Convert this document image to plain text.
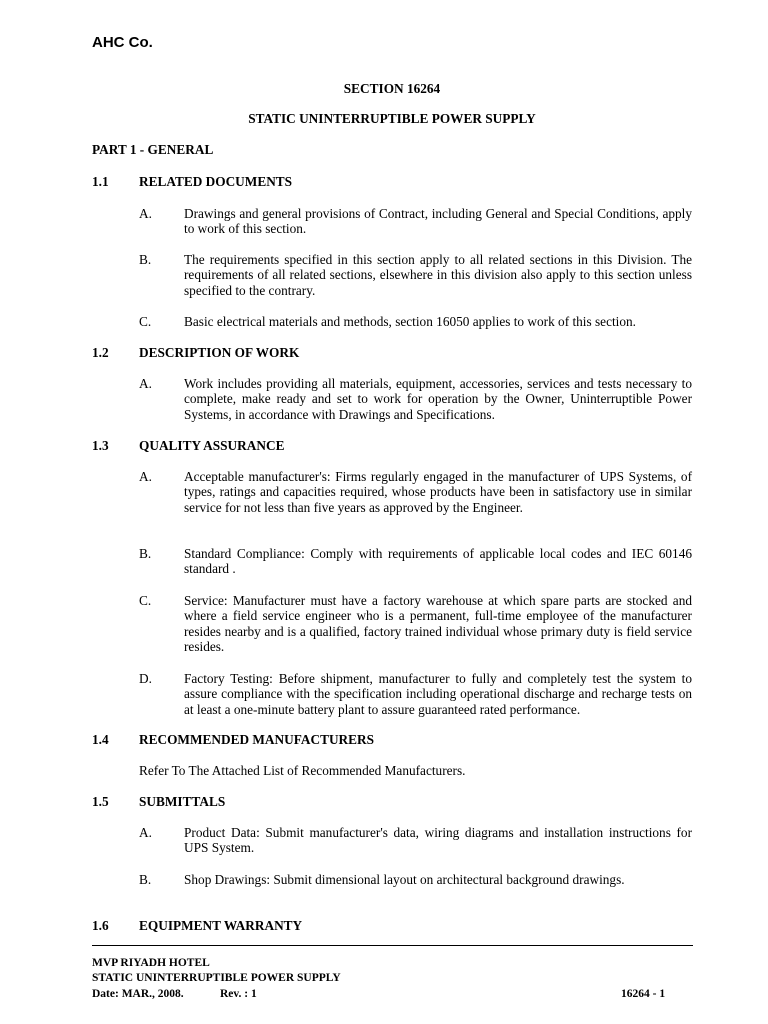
AHC Co.
SECTION 16264
STATIC UNINTERRUPTIBLE POWER SUPPLY
PART 1 - GENERAL
1.1 RELATED DOCUMENTS
A. Drawings and general provisions of Contract, including General and Special Conditions, apply to work of this section.
B. The requirements specified in this section apply to all related sections in this Division. The requirements of all related sections, elsewhere in this division also apply to this section unless specified to the contrary.
C. Basic electrical materials and methods, section 16050 applies to work of this section.
1.2 DESCRIPTION OF WORK
A. Work includes providing all materials, equipment, accessories, services and tests necessary to complete, make ready and set to work for operation by the Owner, Uninterruptible Power Systems, in accordance with Drawings and Specifications.
1.3 QUALITY ASSURANCE
A. Acceptable manufacturer's: Firms regularly engaged in the manufacturer of UPS Systems, of types, ratings and capacities required, whose products have been in satisfactory use in similar service for not less than five years as approved by the Engineer.
B. Standard Compliance: Comply with requirements of applicable local codes and IEC 60146 standard .
C. Service: Manufacturer must have a factory warehouse at which spare parts are stocked and where a field service engineer who is a permanent, full-time employee of the manufacturer resides nearby and is a qualified, factory trained individual whose primary duty is field service resides.
D. Factory Testing: Before shipment, manufacturer to fully and completely test the system to assure compliance with the specification including operational discharge and recharge tests on at least a one-minute battery plant to assure guaranteed rated performance.
1.4 RECOMMENDED MANUFACTURERS
Refer To The Attached List of Recommended Manufacturers.
1.5 SUBMITTALS
A. Product Data: Submit manufacturer's data, wiring diagrams and installation instructions for UPS System.
B. Shop Drawings: Submit dimensional layout on architectural background drawings.
1.6 EQUIPMENT WARRANTY
MVP RIYADH HOTEL
STATIC UNINTERRUPTIBLE POWER SUPPLY
Date: MAR., 2008.	Rev. : 1	16264 - 1
